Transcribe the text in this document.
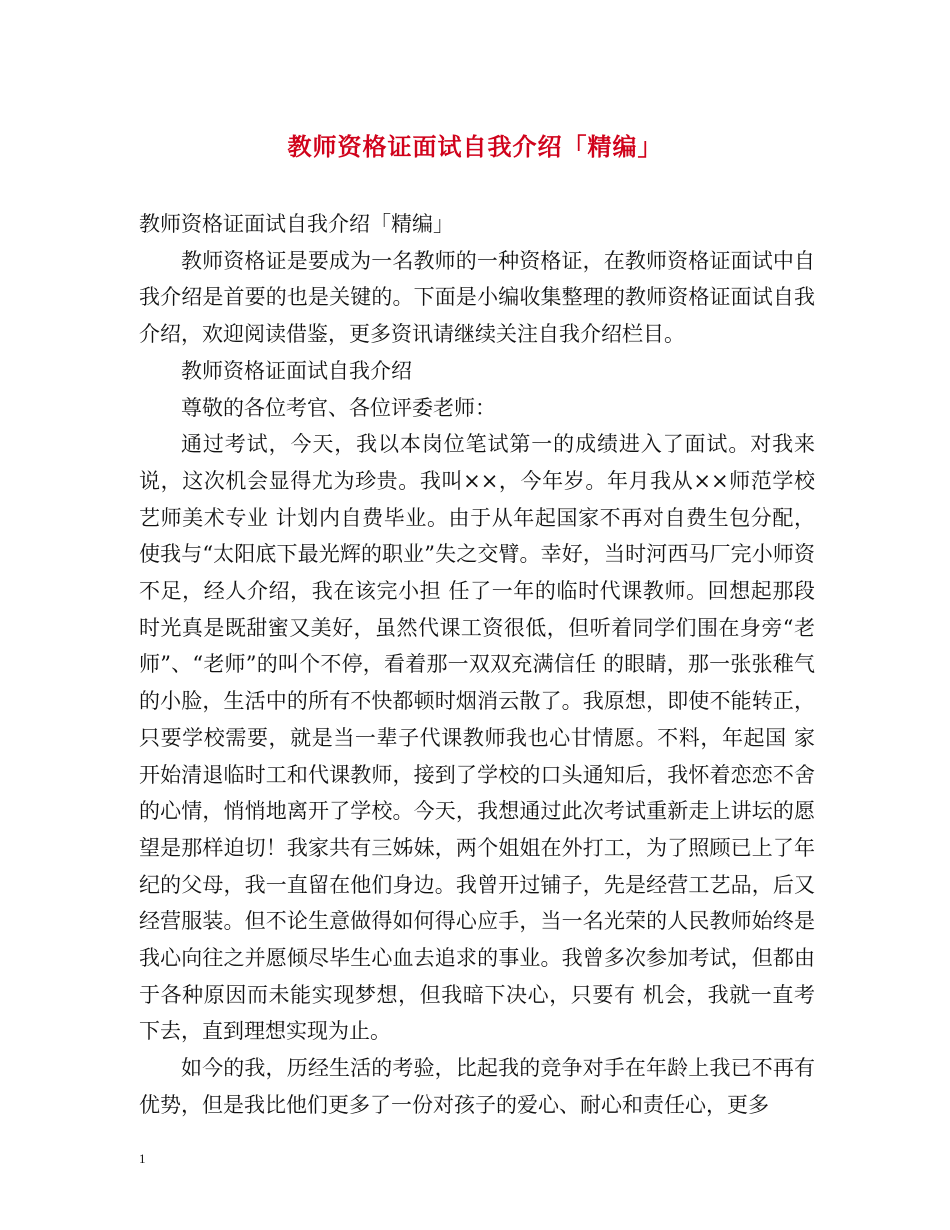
教师资格证面试自我介绍「精编」

教师资格证面试自我介绍「精编」

教师资格证是要成为一名教师的一种资格证，在教师资格证面试中自我介绍是首要的也是关键的。下面是小编收集整理的教师资格证面试自我介绍，欢迎阅读借鉴，更多资讯请继续关注自我介绍栏目。

教师资格证面试自我介绍

尊敬的各位考官、各位评委老师：

通过考试，今天，我以本岗位笔试第一的成绩进入了面试。对我来说，这次机会显得尤为珍贵。我叫××，今年岁。年月我从××师范学校艺师美术专业 计划内自费毕业。由于从年起国家不再对自费生包分配，使我与“太阳底下最光辉的职业”失之交臂。幸好，当时河西马厂完小师资不足，经人介绍，我在该完小担 任了一年的临时代课教师。回想起那段时光真是既甜蜜又美好，虽然代课工资很低，但听着同学们围在身旁“老师”、“老师”的叫个不停，看着那一双双充满信任 的眼睛，那一张张稚气的小脸，生活中的所有不快都顿时烟消云散了。我原想，即使不能转正，只要学校需要，就是当一辈子代课教师我也心甘情愿。不料，年起国 家开始清退临时工和代课教师，接到了学校的口头通知后，我怀着恋恋不舍的心情，悄悄地离开了学校。今天，我想通过此次考试重新走上讲坛的愿望是那样迫切！我家共有三姊妹，两个姐姐在外打工，为了照顾已上了年纪的父母，我一直留在他们身边。我曾开过铺子，先是经营工艺品，后又经营服装。但不论生意做得如何得心应手，当一名光荣的人民教师始终是我心向往之并愿倾尽毕生心血去追求的事业。我曾多次参加考试，但都由于各种原因而未能实现梦想，但我暗下决心，只要有 机会，我就一直考下去，直到理想实现为止。

如今的我，历经生活的考验，比起我的竞争对手在年龄上我已不再有优势，但是我比他们更多了一份对孩子的爱心、耐心和责任心，更多

1
